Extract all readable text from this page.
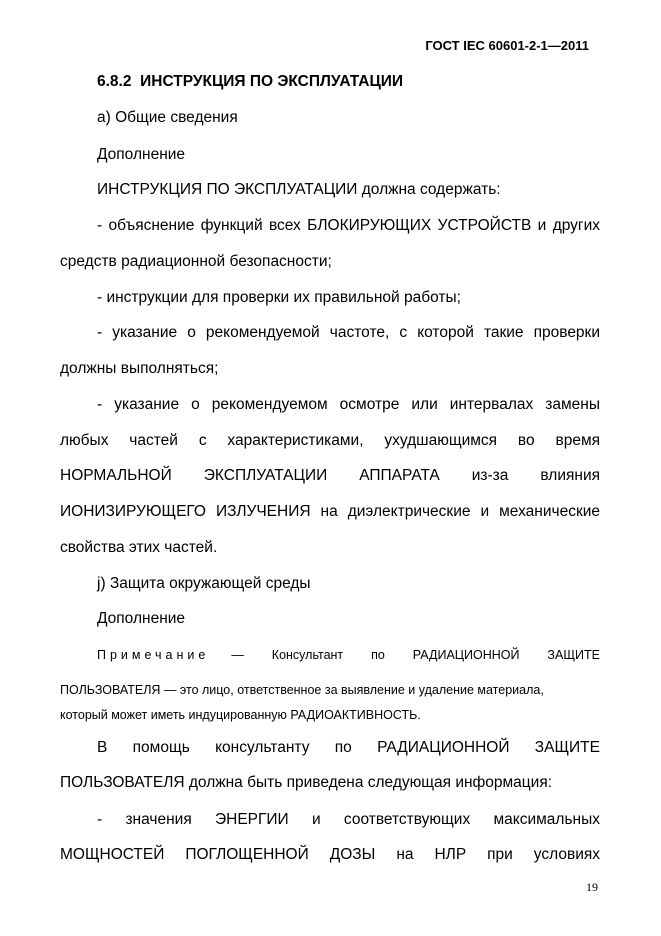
ГОСТ IEC 60601-2-1—2011
6.8.2 ИНСТРУКЦИЯ ПО ЭКСПЛУАТАЦИИ
а) Общие сведения
Дополнение
ИНСТРУКЦИЯ ПО ЭКСПЛУАТАЦИИ должна содержать:
- объяснение функций всех БЛОКИРУЮЩИХ УСТРОЙСТВ и других
средств радиационной безопасности;
- инструкции для проверки их правильной работы;
- указание о рекомендуемой частоте, с которой такие проверки
должны выполняться;
- указание о рекомендуемом осмотре или интервалах замены
любых частей с характеристиками, ухудшающимся во время
НОРМАЛЬНОЙ ЭКСПЛУАТАЦИИ АППАРАТА из-за влияния
ИОНИЗИРУЮЩЕГО ИЗЛУЧЕНИЯ на диэлектрические и механические
свойства этих частей.
j) Защита окружающей среды
Дополнение
Примечание — Консультант по РАДИАЦИОННОЙ ЗАЩИТЕ
ПОЛЬЗОВАТЕЛЯ — это лицо, ответственное за выявление и удаление материала,
который может иметь индуцированную РАДИОАКТИВНОСТЬ.
В помощь консультанту по РАДИАЦИОННОЙ ЗАЩИТЕ
ПОЛЬЗОВАТЕЛЯ должна быть приведена следующая информация:
- значения ЭНЕРГИИ и соответствующих максимальных
МОЩНОСТЕЙ ПОГЛОЩЕННОЙ ДОЗЫ на НЛР при условиях
19
